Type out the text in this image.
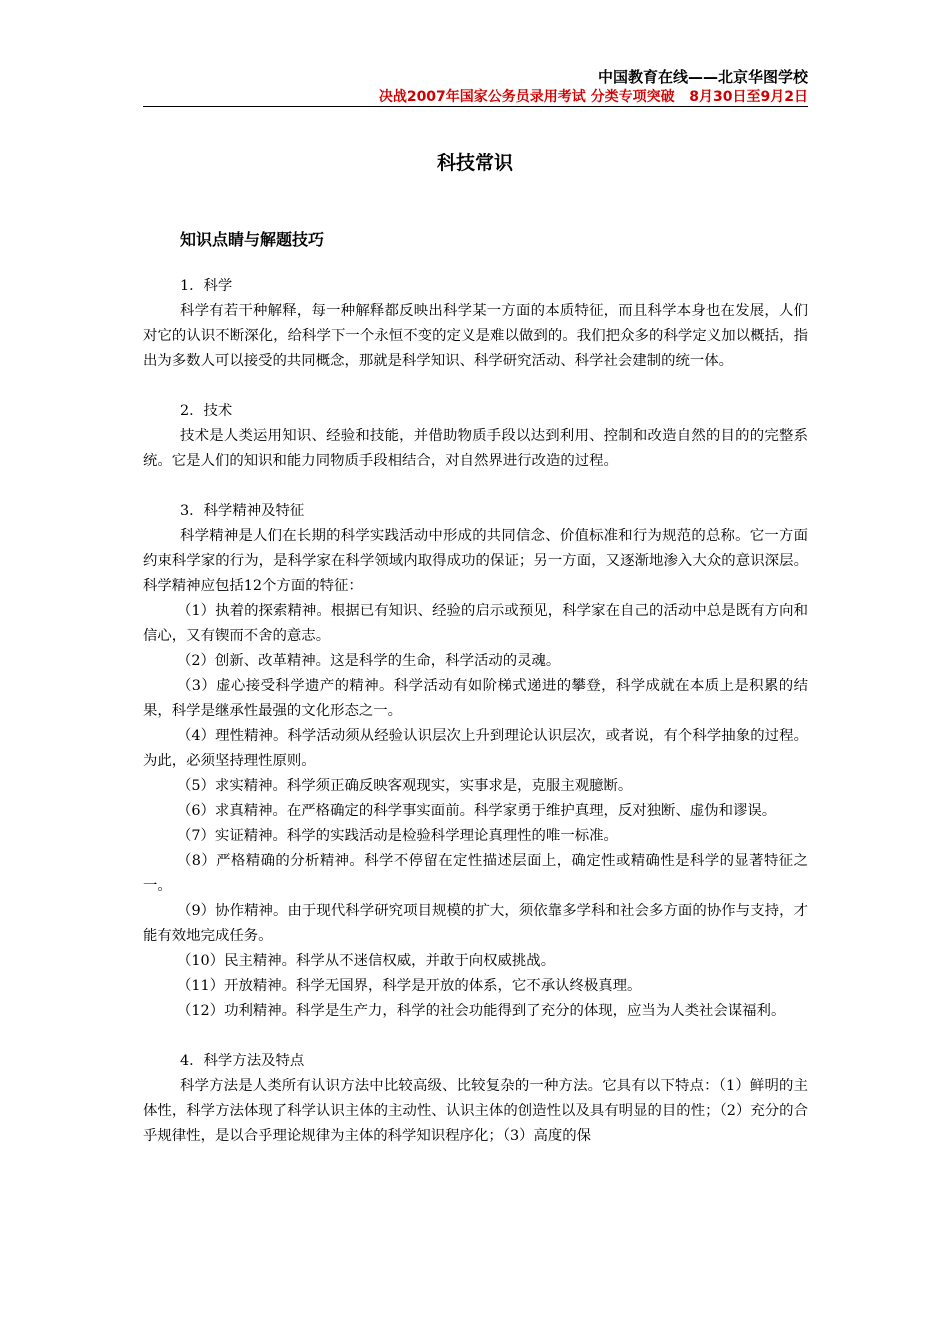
中国教育在线——北京华图学校
决战2007年国家公务员录用考试 分类专项突破   8月30日至9月2日
科技常识
知识点睛与解题技巧

1．科学

科学有若干种解释，每一种解释都反映出科学某一方面的本质特征，而且科学本身也在发展，人们对它的认识不断深化，给科学下一个永恒不变的定义是难以做到的。我们把众多的科学定义加以概括，指出为多数人可以接受的共同概念，那就是科学知识、科学研究活动、科学社会建制的统一体。

2．技术

技术是人类运用知识、经验和技能，并借助物质手段以达到利用、控制和改造自然的目的的完整系统。它是人们的知识和能力同物质手段相结合，对自然界进行改造的过程。

3．科学精神及特征

科学精神是人们在长期的科学实践活动中形成的共同信念、价值标准和行为规范的总称。它一方面约束科学家的行为，是科学家在科学领域内取得成功的保证；另一方面，又逐渐地渗入大众的意识深层。科学精神应包括12个方面的特征：

（1）执着的探索精神。根据已有知识、经验的启示或预见，科学家在自己的活动中总是既有方向和信心，又有锲而不舍的意志。

（2）创新、改革精神。这是科学的生命，科学活动的灵魂。

（3）虚心接受科学遗产的精神。科学活动有如阶梯式递进的攀登，科学成就在本质上是积累的结果，科学是继承性最强的文化形态之一。

（4）理性精神。科学活动须从经验认识层次上升到理论认识层次，或者说，有个科学抽象的过程。为此，必须坚持理性原则。

（5）求实精神。科学须正确反映客观现实，实事求是，克服主观臆断。

（6）求真精神。在严格确定的科学事实面前。科学家勇于维护真理，反对独断、虚伪和谬误。

（7）实证精神。科学的实践活动是检验科学理论真理性的唯一标准。

（8）严格精确的分析精神。科学不停留在定性描述层面上，确定性或精确性是科学的显著特征之一。

（9）协作精神。由于现代科学研究项目规模的扩大，须依靠多学科和社会多方面的协作与支持，才能有效地完成任务。

（10）民主精神。科学从不迷信权威，并敢于向权威挑战。

（11）开放精神。科学无国界，科学是开放的体系，它不承认终极真理。

（12）功利精神。科学是生产力，科学的社会功能得到了充分的体现，应当为人类社会谋福利。

4．科学方法及特点

科学方法是人类所有认识方法中比较高级、比较复杂的一种方法。它具有以下特点：（1）鲜明的主体性，科学方法体现了科学认识主体的主动性、认识主体的创造性以及具有明显的目的性；（2）充分的合乎规律性，是以合乎理论规律为主体的科学知识程序化；（3）高度的保
